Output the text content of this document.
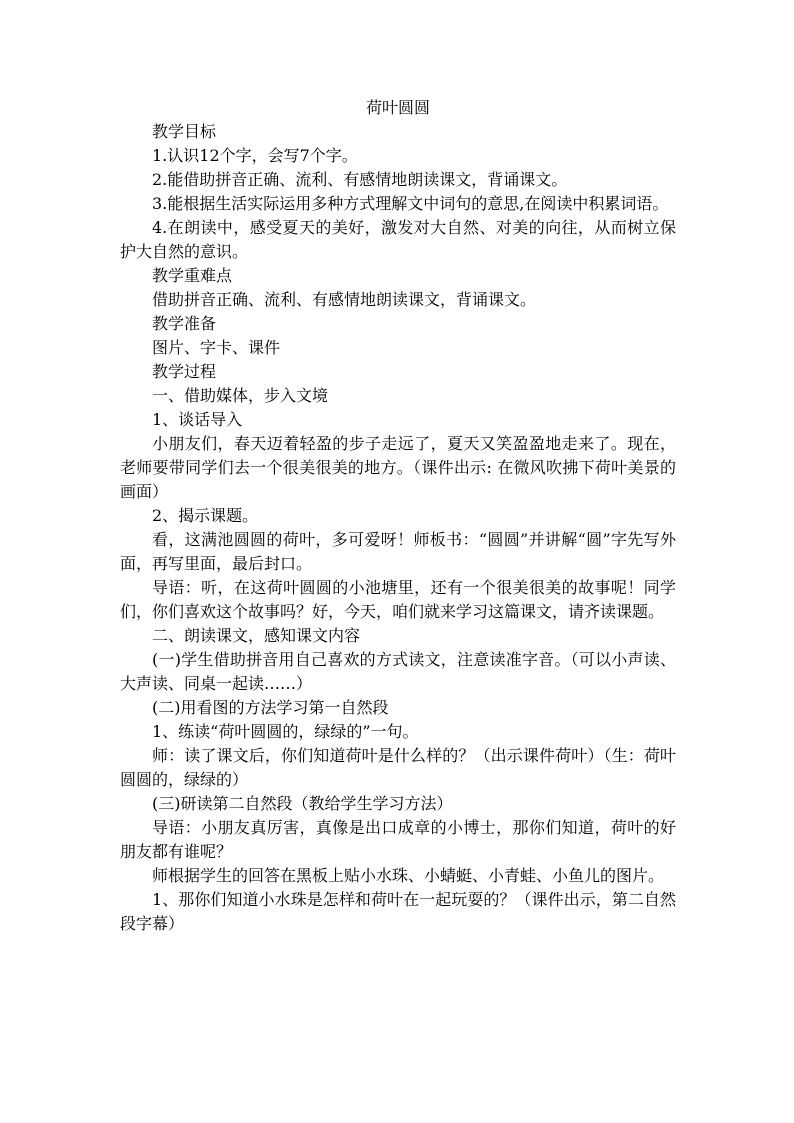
荷叶圆圆

教学目标

1.认识12个字，会写7个字。

2.能借助拼音正确、流利、有感情地朗读课文，背诵课文。

3.能根据生活实际运用多种方式理解文中词句的意思,在阅读中积累词语。

4.在朗读中，感受夏天的美好，激发对大自然、对美的向往，从而树立保护大自然的意识。

教学重难点

借助拼音正确、流利、有感情地朗读课文，背诵课文。

教学准备

图片、字卡、课件

教学过程

一、借助媒体，步入文境

1、谈话导入

小朋友们，春天迈着轻盈的步子走远了，夏天又笑盈盈地走来了。现在，老师要带同学们去一个很美很美的地方。（课件出示: 在微风吹拂下荷叶美景的画面）

2、揭示课题。

看，这满池圆圆的荷叶，多可爱呀！师板书：“圆圆”并讲解“圆”字先写外面，再写里面，最后封口。

导语：听，在这荷叶圆圆的小池塘里，还有一个很美很美的故事呢！同学们，你们喜欢这个故事吗？好，今天，咱们就来学习这篇课文，请齐读课题。

二、朗读课文，感知课文内容

(一)学生借助拼音用自己喜欢的方式读文，注意读准字音。（可以小声读、大声读、同桌一起读……）

(二)用看图的方法学习第一自然段

1、练读“荷叶圆圆的，绿绿的”一句。

师：读了课文后，你们知道荷叶是什么样的？（出示课件荷叶）（生：荷叶圆圆的，绿绿的）

(三)研读第二自然段（教给学生学习方法）

导语：小朋友真厉害，真像是出口成章的小博士，那你们知道，荷叶的好朋友都有谁呢？

师根据学生的回答在黑板上贴小水珠、小蜻蜓、小青蛙、小鱼儿的图片。

1、那你们知道小水珠是怎样和荷叶在一起玩耍的？（课件出示，第二自然段字幕）
